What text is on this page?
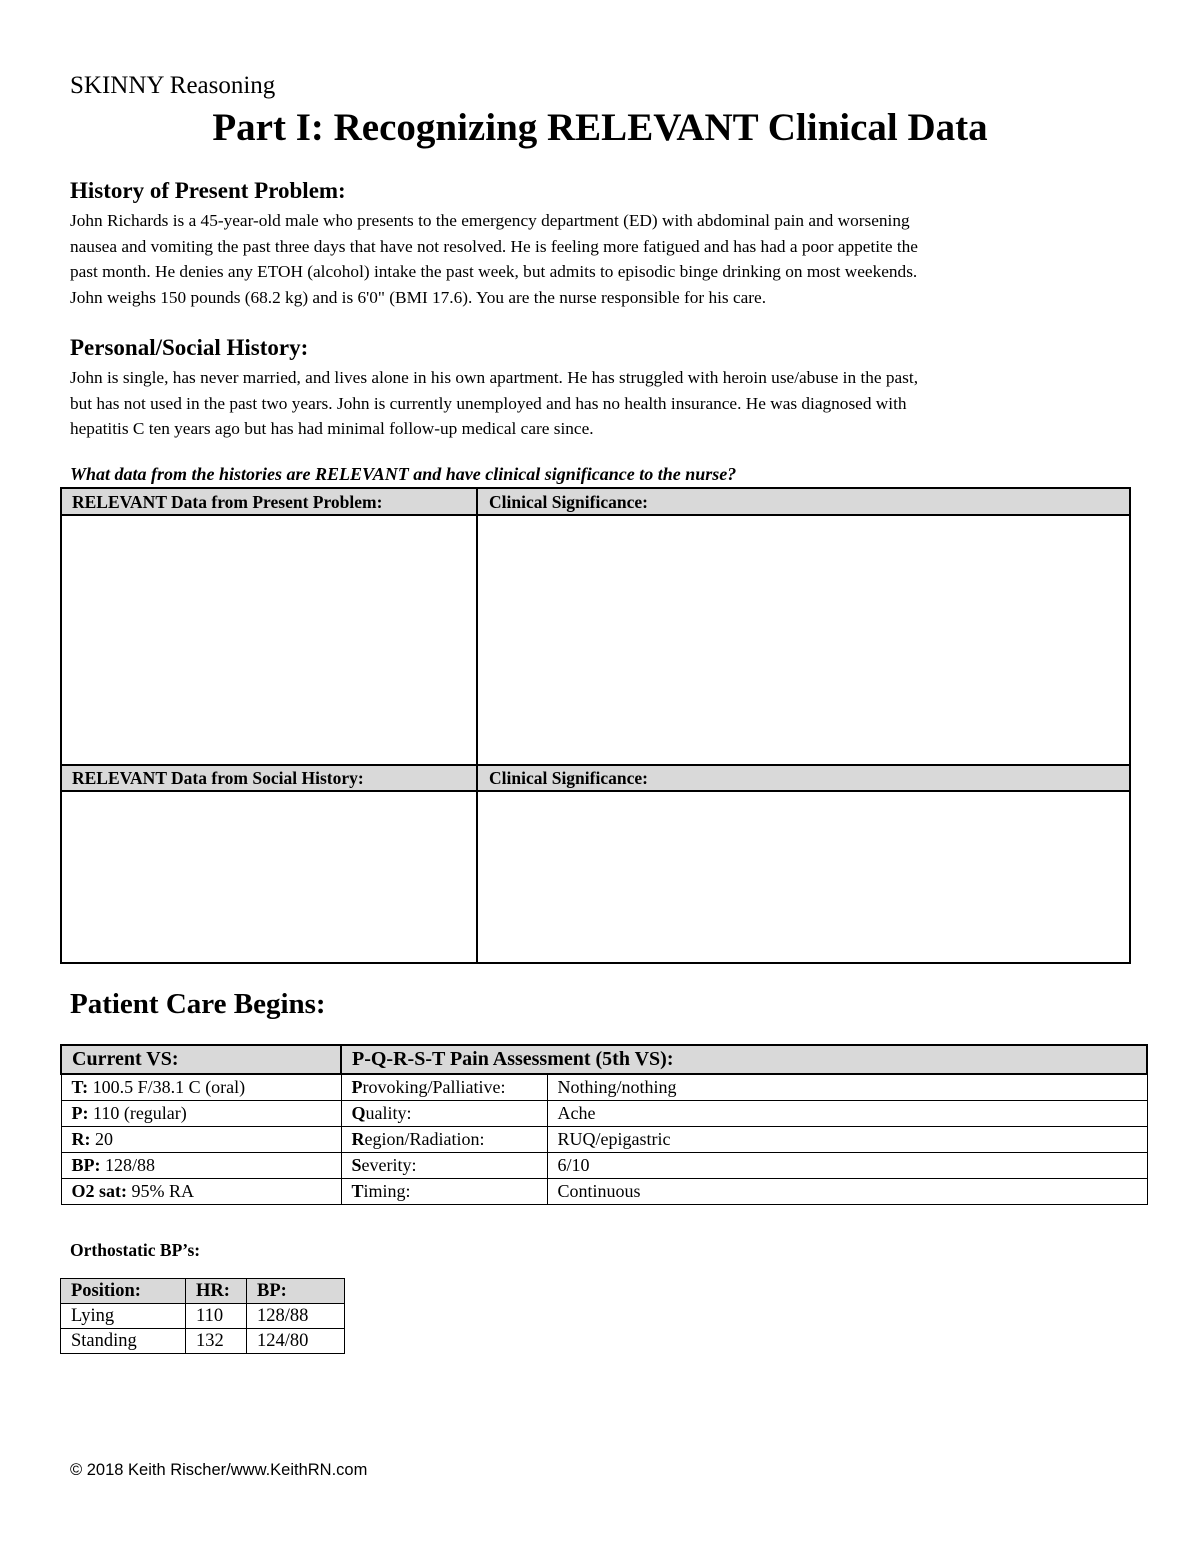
SKINNY Reasoning
Part I: Recognizing RELEVANT Clinical Data
History of Present Problem:
John Richards is a 45-year-old male who presents to the emergency department (ED) with abdominal pain and worsening
nausea and vomiting the past three days that have not resolved. He is feeling more fatigued and has had a poor appetite the
past month. He denies any ETOH (alcohol) intake the past week, but admits to episodic binge drinking on most weekends.
John weighs 150 pounds (68.2 kg) and is 6'0" (BMI 17.6). You are the nurse responsible for his care.
Personal/Social History:
John is single, has never married, and lives alone in his own apartment. He has struggled with heroin use/abuse in the past,
but has not used in the past two years. John is currently unemployed and has no health insurance. He was diagnosed with
hepatitis C ten years ago but has had minimal follow-up medical care since.
What data from the histories are RELEVANT and have clinical significance to the nurse?
RELEVANT Data from Present Problem:	Clinical Significance:
RELEVANT Data from Social History:	Clinical Significance:
Patient Care Begins:
Current VS:	P-Q-R-S-T Pain Assessment (5th VS):	
T: 100.5 F/38.1 C (oral)	Provoking/Palliative:	Nothing/nothing
P: 110 (regular)	Quality:	Ache
R: 20	Region/Radiation:	RUQ/epigastric
BP: 128/88	Severity:	6/10
O2 sat: 95% RA	Timing:	Continuous
Orthostatic BP’s:
Position:	HR:	BP:
Lying	110	128/88
Standing	132	124/80
© 2018 Keith Rischer/www.KeithRN.com
